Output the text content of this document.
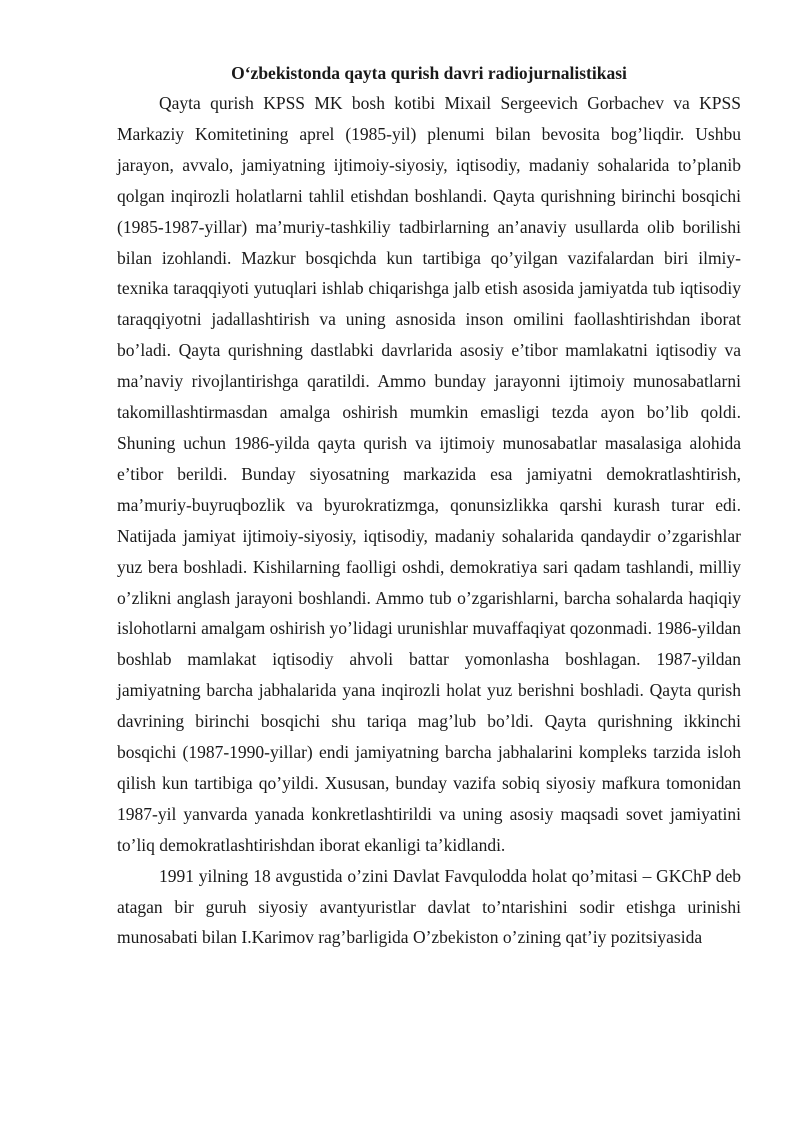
O‘zbekistonda qayta qurish davri radiojurnalistikasi

Qayta qurish KPSS MK bosh kotibi Mixail Sergeevich Gorbachev va KPSS Markaziy Komitetining aprel (1985-yil) plenumi bilan bevosita bog’liqdir. Ushbu jarayon, avvalo, jamiyatning ijtimoiy-siyosiy, iqtisodiy, madaniy sohalarida to’planib qolgan inqirozli holatlarni tahlil etishdan boshlandi. Qayta qurishning birinchi bosqichi (1985-1987-yillar) ma’muriy-tashkiliy tadbirlarning an’anaviy usullarda olib borilishi bilan izohlandi. Mazkur bosqichda kun tartibiga qo’yilgan vazifalardan biri ilmiy-texnika taraqqiyoti yutuqlari ishlab chiqarishga jalb etish asosida jamiyatda tub iqtisodiy taraqqiyotni jadallashtirish va uning asnosida inson omilini faollashtirishdan iborat bo’ladi. Qayta qurishning dastlabki davrlarida asosiy e’tibor mamlakatni iqtisodiy va ma’naviy rivojlantirishga qaratildi. Ammo bunday jarayonni ijtimoiy munosabatlarni takomillashtirmasdan amalga oshirish mumkin emasligi tezda ayon bo’lib qoldi. Shuning uchun 1986-yilda qayta qurish va ijtimoiy munosabatlar masalasiga alohida e’tibor berildi. Bunday siyosatning markazida esa jamiyatni demokratlashtirish, ma’muriy-buyruqbozlik va byurokratizmga, qonunsizlikka qarshi kurash turar edi. Natijada jamiyat ijtimoiy-siyosiy, iqtisodiy, madaniy sohalarida qandaydir o’zgarishlar yuz bera boshladi. Kishilarning faolligi oshdi, demokratiya sari qadam tashlandi, milliy o’zlikni anglash jarayoni boshlandi. Ammo tub o’zgarishlarni, barcha sohalarda haqiqiy islohotlarni amalgam oshirish yo’lidagi urunishlar muvaffaqiyat qozonmadi. 1986-yildan boshlab mamlakat iqtisodiy ahvoli battar yomonlasha boshlagan. 1987-yildan jamiyatning barcha jabhalarida yana inqirozli holat yuz berishni boshladi. Qayta qurish davrining birinchi bosqichi shu tariqa mag’lub bo’ldi. Qayta qurishning ikkinchi bosqichi (1987-1990-yillar) endi jamiyatning barcha jabhalarini kompleks tarzida isloh qilish kun tartibiga qo’yildi. Xususan, bunday vazifa sobiq siyosiy mafkura tomonidan 1987-yil yanvarda yanada konkretlashtirildi va uning asosiy maqsadi sovet jamiyatini to’liq demokratlashtirishdan iborat ekanligi ta’kidlandi.

1991 yilning 18 avgustida o’zini Davlat Favqulodda holat qo’mitasi – GKChP deb atagan bir guruh siyosiy avantyuristlar davlat to’ntarishini sodir etishga urinishi munosabati bilan I.Karimov rag’barligida O’zbekiston o’zining qat’iy pozitsiyasida
